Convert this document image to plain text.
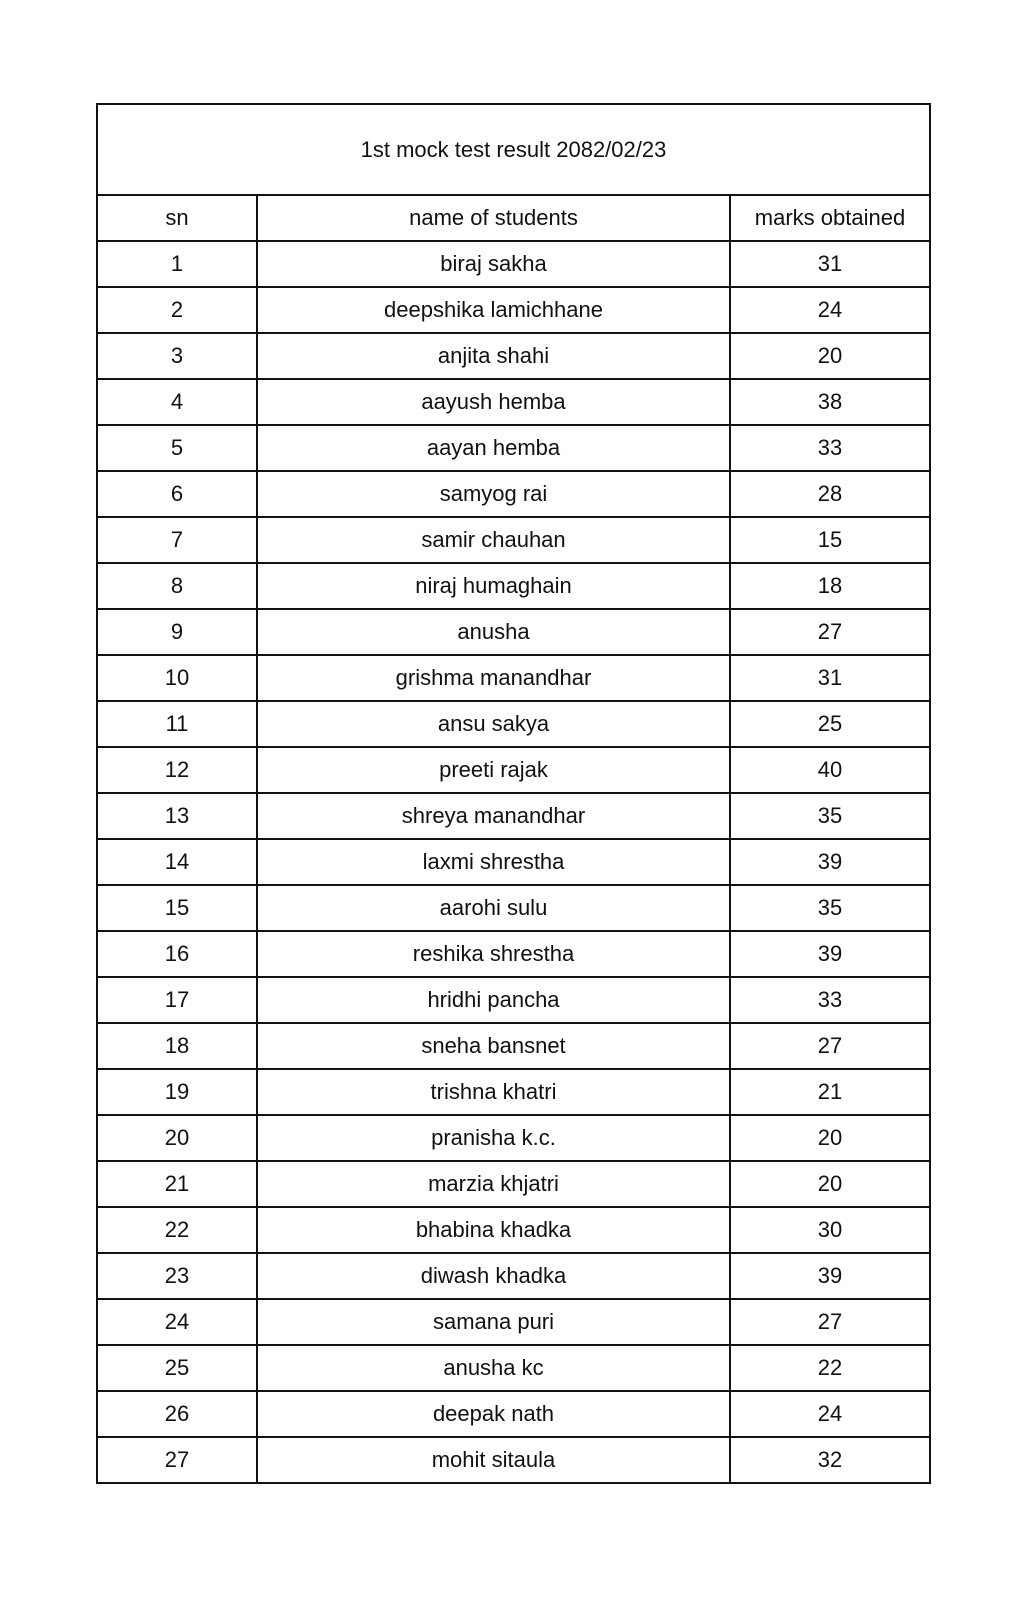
1st mock test result 2082/02/23		
sn	name of students	marks obtained
1	biraj sakha	31
2	deepshika lamichhane	24
3	anjita shahi	20
4	aayush hemba	38
5	aayan hemba	33
6	samyog rai	28
7	samir chauhan	15
8	niraj humaghain	18
9	anusha	27
10	grishma manandhar	31
11	ansu sakya	25
12	preeti rajak	40
13	shreya manandhar	35
14	laxmi shrestha	39
15	aarohi sulu	35
16	reshika shrestha	39
17	hridhi pancha	33
18	sneha bansnet	27
19	trishna khatri	21
20	pranisha k.c.	20
21	marzia khjatri	20
22	bhabina khadka	30
23	diwash khadka	39
24	samana puri	27
25	anusha kc	22
26	deepak nath	24
27	mohit sitaula	32
